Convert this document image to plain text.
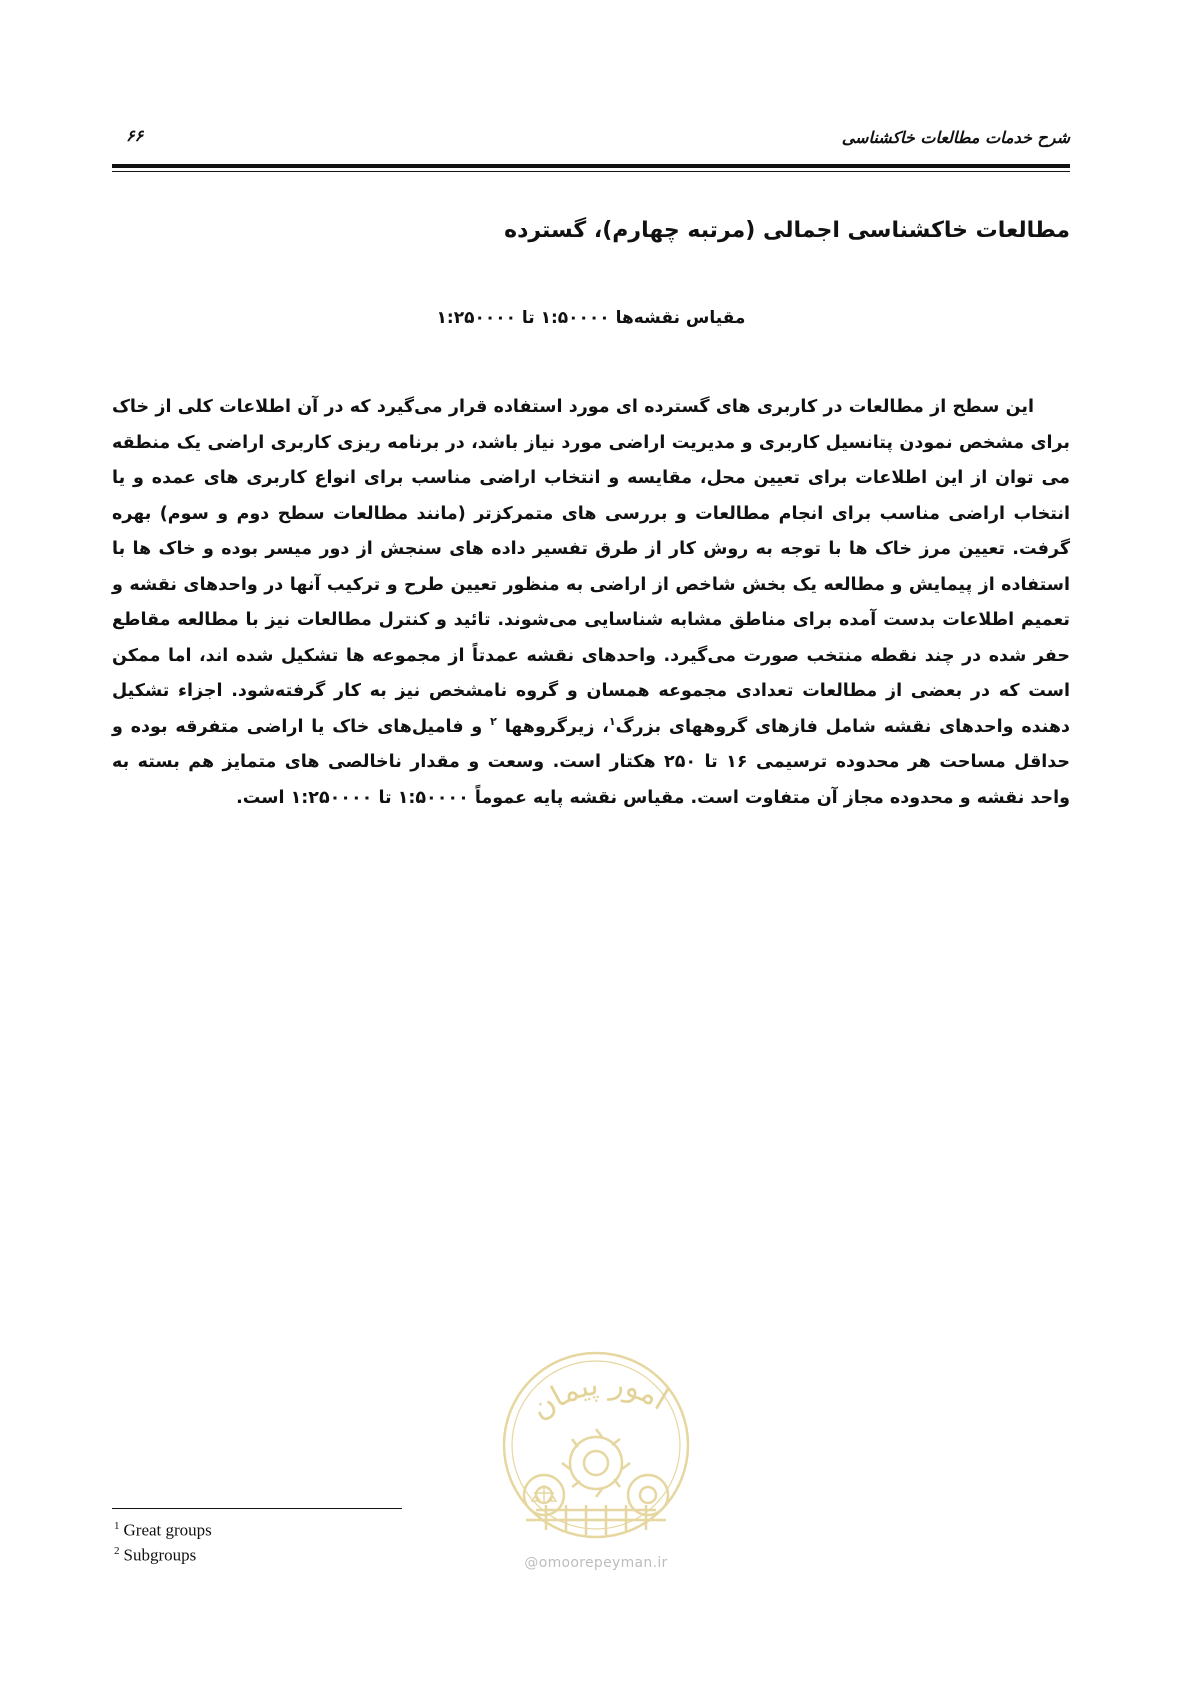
شرح خدمات مطالعات خاکشناسی
۶۶
مطالعات خاکشناسی اجمالی (مرتبه چهارم)، گسترده
مقیاس نقشه‌ها ۱:۵۰۰۰۰ تا ۱:۲۵۰۰۰۰

این سطح از مطالعات در کاربری های گسترده ای مورد استفاده قرار می‌گیرد که در آن اطلاعات کلی از خاک برای مشخص نمودن پتانسیل کاربری و مدیریت اراضی مورد نیاز باشد، در برنامه ریزی کاربری اراضی یک منطقه می توان از این اطلاعات برای تعیین محل، مقایسه و انتخاب اراضی مناسب برای انواع کاربری های عمده و یا انتخاب اراضی مناسب برای انجام مطالعات و بررسی های متمرکزتر (مانند مطالعات سطح دوم و سوم) بهره گرفت. تعیین مرز خاک ها با توجه به روش کار از طرق تفسیر داده های سنجش از دور میسر بوده و خاک ها با استفاده از پیمایش و مطالعه یک بخش شاخص از اراضی به منظور تعیین طرح و ترکیب آنها در واحدهای نقشه و تعمیم اطلاعات بدست آمده برای مناطق مشابه شناسایی می‌شوند. تائید و کنترل مطالعات نیز با مطالعه مقاطع حفر شده در چند نقطه منتخب صورت می‌گیرد. واحدهای نقشه عمدتاً از مجموعه ها تشکیل شده اند، اما ممکن است که در بعضی از مطالعات تعدادی مجموعه همسان و گروه نامشخص نیز به کار گرفته‌شود. اجزاء تشکیل دهنده واحدهای نقشه شامل فازهای گروههای بزرگ$^۱$، زیرگروهها $^۲$ و فامیل‌های خاک یا اراضی متفرقه بوده و حداقل مساحت هر محدوده ترسیمی ۱۶ تا ۲۵۰ هکتار است. وسعت و مقدار ناخالصی های متمایز هم بسته به واحد نقشه و محدوده مجاز آن متفاوت است. مقیاس نقشه پایه عموماً ۱:۵۰۰۰۰ تا ۱:۲۵۰۰۰۰ است.

امور پیمان
@omoorepeyman.ir
$^1$ Great groups
$^2$ Subgroups
